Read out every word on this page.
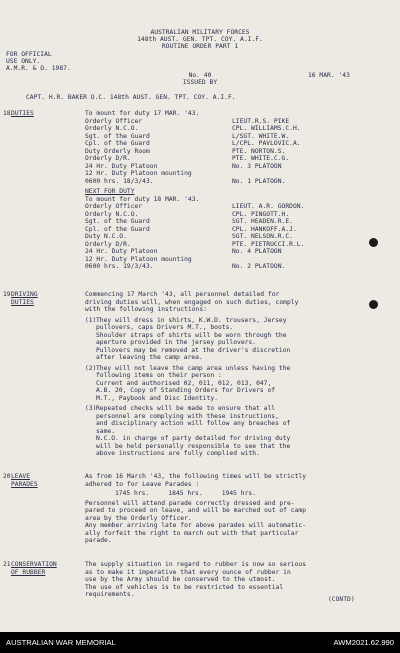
AUSTRALIAN MILITARY FORCES
148th AUST. GEN. TPT. COY. A.I.F.
ROUTINE ORDER PART 1
FOR OFFICIAL
USE ONLY.
A.M.R. & O. 1987.
No. 40	16 MAR. '43
ISSUED BY
CAPT. H.R. BAKER O.C. 148th AUST. GEN. TPT. COY. A.I.F.
18 DUTIES	To mount for duty 17 MAR. '43.
Orderly Officer	LIEUT.R.S. PIKE
Orderly N.C.O.	CPL. WILLIAMS.C.H.
Sgt. of the Guard	L/SGT. WHITE.W.
Cpl. of the Guard	L/CPL. PAVLOVIC.A.
Duty Orderly Room	PTE. NORTON.S.
Orderly D/R.	PTE. WHITE.C.G.
24 Hr. Duty Platoon	No. 3 PLATOON
12 Hr. Duty Platoon mounting
0600 hrs. 18/3/43.	No. 1 PLATOON.
NEXT FOR DUTY
To mount for duty 18 MAR. '43.
Orderly Officer	LIEUT. A.R. GORDON.
Orderly N.C.O.	CPL. PINGOTT.H.
Sgt. of the Guard	SGT. HEADEN.R.E.
Cpl. of the Guard	CPL. HANKOFF.A.J.
Duty N.C.O.	SGT. NELSON.R.C.
Orderly D/R.	PTE. PIETRUCCI.R.L.
24 Hr. Duty Platoon	No. 4 PLATOON
12 Hr. Duty Platoon mounting
0600 hrs. 19/3/43.	No. 2 PLATOON.
19 DRIVING
DUTIES
Commencing 17 March '43, all personnel detailed for
driving duties will, when engaged on such duties, comply
with the following instructions:
(1) They will dress in shirts, K.W.D. trousers, Jersey
pullovers, caps Drivers M.T., boots.
Shoulder straps of shirts will be worn through the
aperture provided in the jersey pullovers.
Pullovers may be removed at the driver's discretion
after leaving the camp area.
(2) They will not leave the camp area unless having the
following items on their person :
Current and authorised 02, 011, 012, 013, 047,
A.B. 20, Copy of Standing Orders for Drivers of
M.T., Paybook and Disc Identity.
(3) Repeated checks will be made to ensure that all
personnel are complying with these instructions,
and disciplinary action will follow any breaches of
same.
N.C.O. in charge of party detailed for driving duty
will be held personally responsible to see that the
above instructions are fully complied with.
20 LEAVE
PARADES
As from 16 March '43, the following times will be strictly
adhered to for Leave Parades :
1745 hrs.     1845 hrs.     1945 hrs.
Personnel will attend parade correctly dressed and pre-
pared to proceed on leave, and will be marched out of camp
area by the Orderly Officer.
Any member arriving late for above parades will automatic-
ally forfeit the right to march out with that particular
parade.
21 CONSERVATION
OF RUBBER
The supply situation in regard to rubber is now so serious
as to make it imperative that every ounce of rubber in
use by the Army should be conserved to the utmost.
The use of vehicles is to be restricted to essential
requirements.
(CONTD)
AUSTRALIAN WAR MEMORIAL	AWM2021.62.990
